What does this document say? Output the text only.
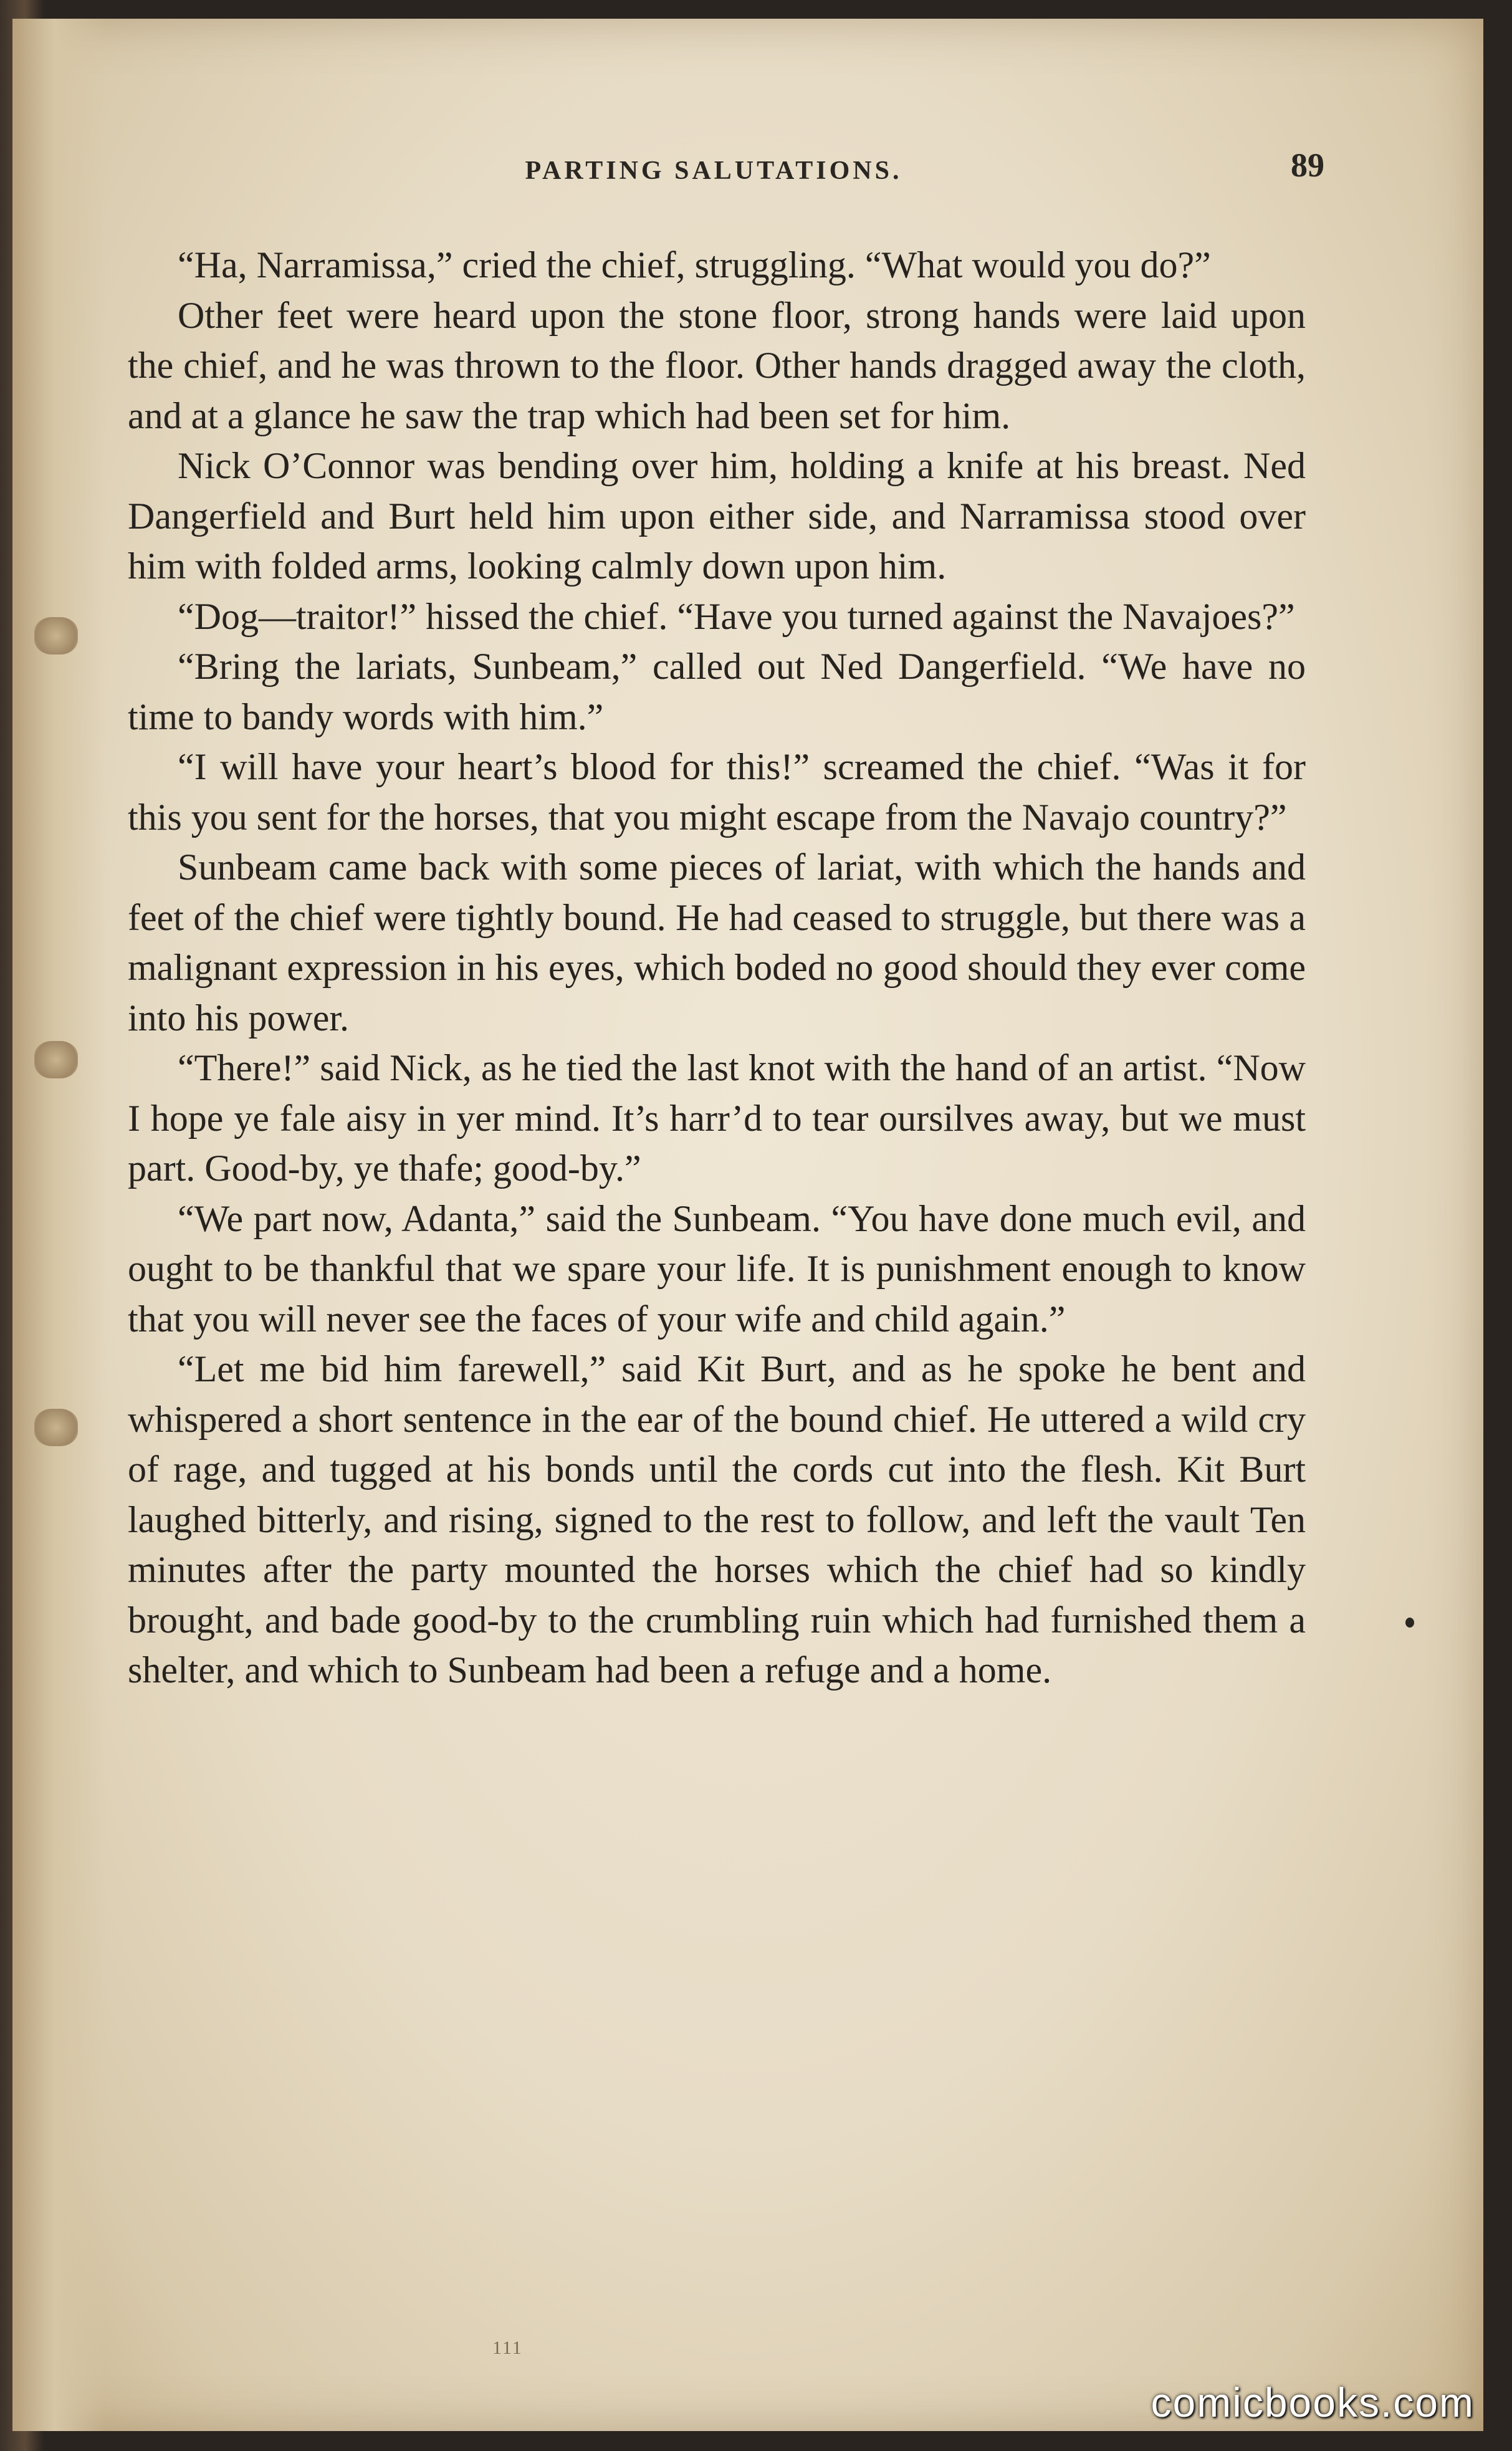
PARTING SALUTATIONS.	89

“Ha, Narramissa,” cried the chief, struggling. “What would you do?”

Other feet were heard upon the stone floor, strong hands were laid upon the chief, and he was thrown to the floor. Other hands dragged away the cloth, and at a glance he saw the trap which had been set for him.

Nick O’Connor was bending over him, holding a knife at his breast. Ned Dangerfield and Burt held him upon either side, and Narramissa stood over him with folded arms, looking calmly down upon him.

“Dog—traitor!” hissed the chief. “Have you turned against the Navajoes?”

“Bring the lariats, Sunbeam,” called out Ned Dangerfield. “We have no time to bandy words with him.”

“I will have your heart’s blood for this!” screamed the chief. “Was it for this you sent for the horses, that you might escape from the Navajo country?”

Sunbeam came back with some pieces of lariat, with which the hands and feet of the chief were tightly bound. He had ceased to struggle, but there was a malignant expression in his eyes, which boded no good should they ever come into his power.

“There!” said Nick, as he tied the last knot with the hand of an artist. “Now I hope ye fale aisy in yer mind. It’s harr’d to tear oursilves away, but we must part. Good-by, ye thafe; good-by.”

“We part now, Adanta,” said the Sunbeam. “You have done much evil, and ought to be thankful that we spare your life. It is punishment enough to know that you will never see the faces of your wife and child again.”

“Let me bid him farewell,” said Kit Burt, and as he spoke he bent and whispered a short sentence in the ear of the bound chief. He uttered a wild cry of rage, and tugged at his bonds until the cords cut into the flesh. Kit Burt laughed bitterly, and rising, signed to the rest to follow, and left the vault Ten minutes after the party mounted the horses which the chief had so kindly brought, and bade good-by to the crumbling ruin which had furnished them a shelter, and which to Sunbeam had been a refuge and a home.

111
comicbooks.com
